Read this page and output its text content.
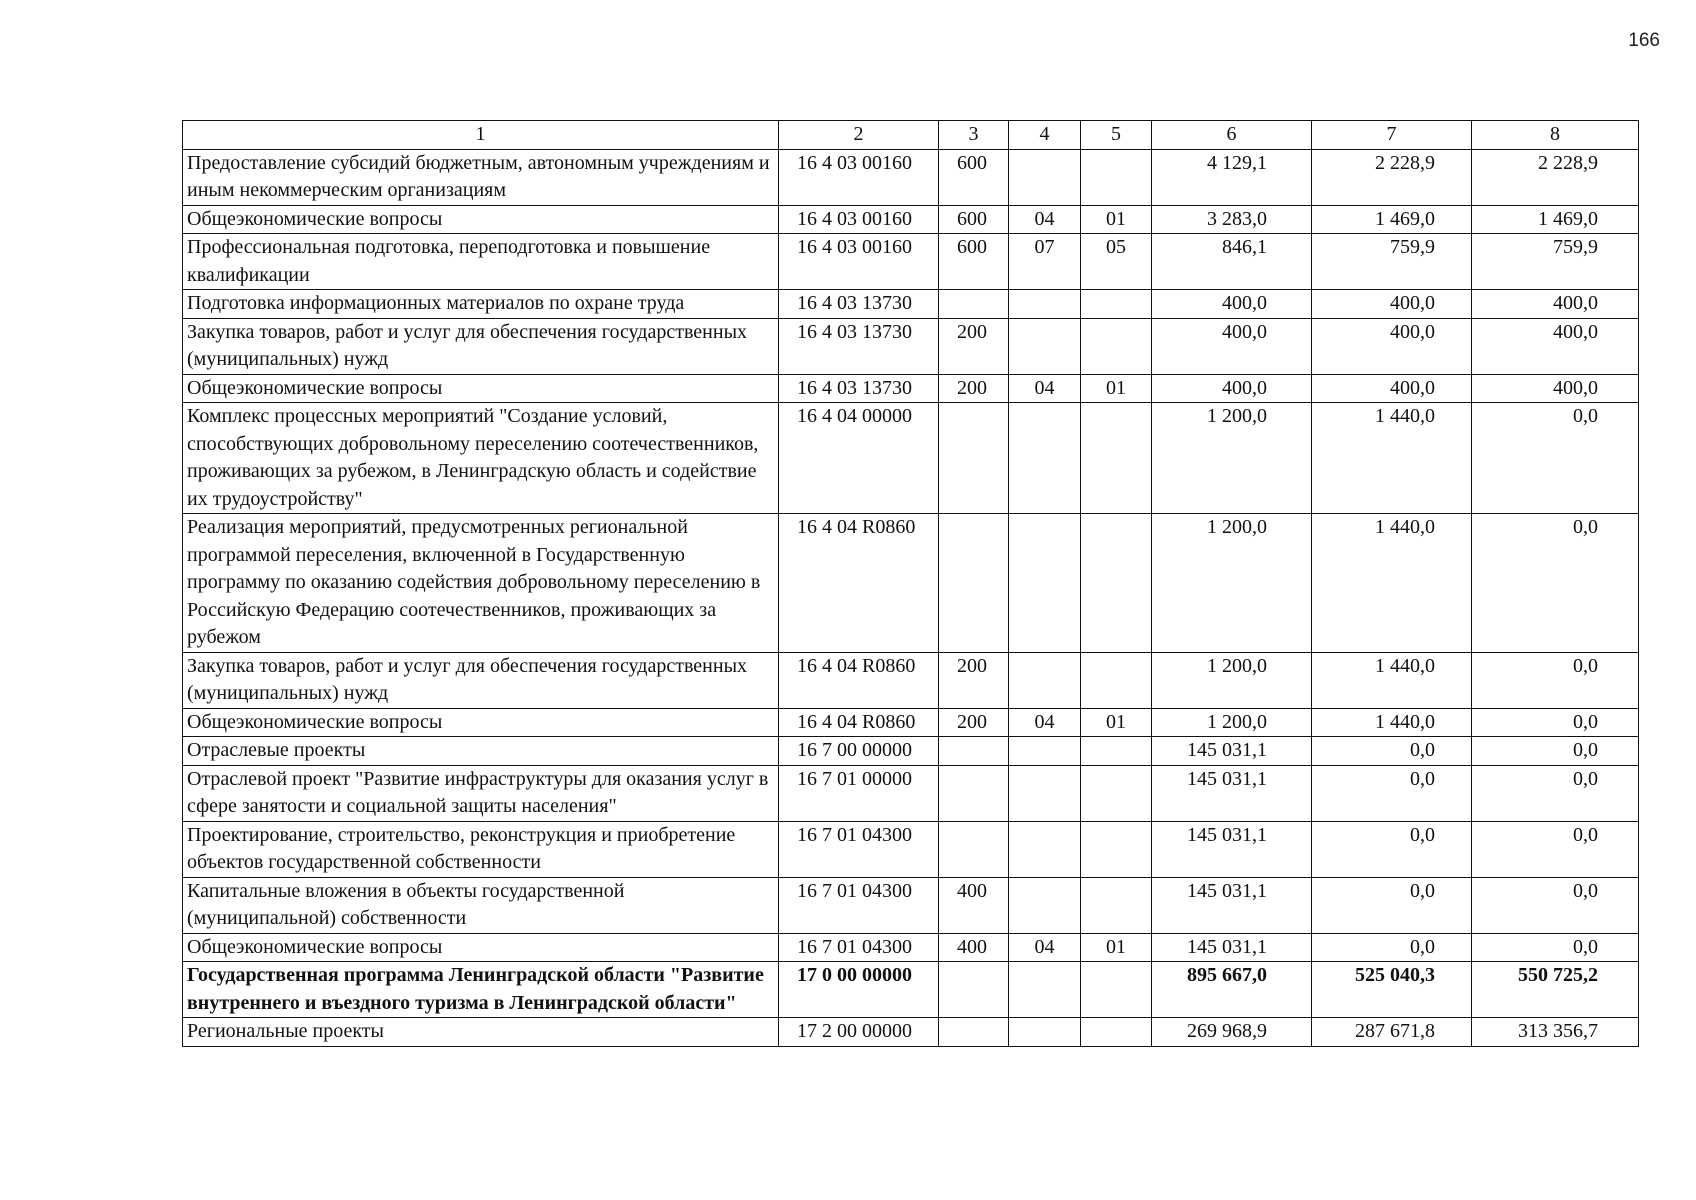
166
1	2	3	4	5	6	7	8
Предоставление субсидий бюджетным, автономным учреждениям и иным некоммерческим организациям	16 4 03 00160	600			4 129,1	2 228,9	2 228,9
Общеэкономические вопросы	16 4 03 00160	600	04	01	3 283,0	1 469,0	1 469,0
Профессиональная подготовка, переподготовка и повышение квалификации	16 4 03 00160	600	07	05	846,1	759,9	759,9
Подготовка информационных материалов по охране труда	16 4 03 13730				400,0	400,0	400,0
Закупка товаров, работ и услуг для обеспечения государственных (муниципальных) нужд	16 4 03 13730	200			400,0	400,0	400,0
Общеэкономические вопросы	16 4 03 13730	200	04	01	400,0	400,0	400,0
Комплекс процессных мероприятий "Создание условий, способствующих добровольному переселению соотечественников, проживающих за рубежом, в Ленинградскую область и содействие их трудоустройству"	16 4 04 00000				1 200,0	1 440,0	0,0
Реализация мероприятий, предусмотренных региональной программой переселения, включенной в Государственную программу по оказанию содействия добровольному переселению в Российскую Федерацию соотечественников, проживающих за рубежом	16 4 04 R0860				1 200,0	1 440,0	0,0
Закупка товаров, работ и услуг для обеспечения государственных (муниципальных) нужд	16 4 04 R0860	200			1 200,0	1 440,0	0,0
Общеэкономические вопросы	16 4 04 R0860	200	04	01	1 200,0	1 440,0	0,0
Отраслевые проекты	16 7 00 00000				145 031,1	0,0	0,0
Отраслевой проект "Развитие инфраструктуры для оказания услуг в сфере занятости и социальной защиты населения"	16 7 01 00000				145 031,1	0,0	0,0
Проектирование, строительство, реконструкция и приобретение объектов государственной собственности	16 7 01 04300				145 031,1	0,0	0,0
Капитальные вложения в объекты государственной (муниципальной) собственности	16 7 01 04300	400			145 031,1	0,0	0,0
Общеэкономические вопросы	16 7 01 04300	400	04	01	145 031,1	0,0	0,0
Государственная программа Ленинградской области "Развитие внутреннего и въездного туризма в Ленинградской области"	17 0 00 00000				895 667,0	525 040,3	550 725,2
Региональные проекты	17 2 00 00000				269 968,9	287 671,8	313 356,7
